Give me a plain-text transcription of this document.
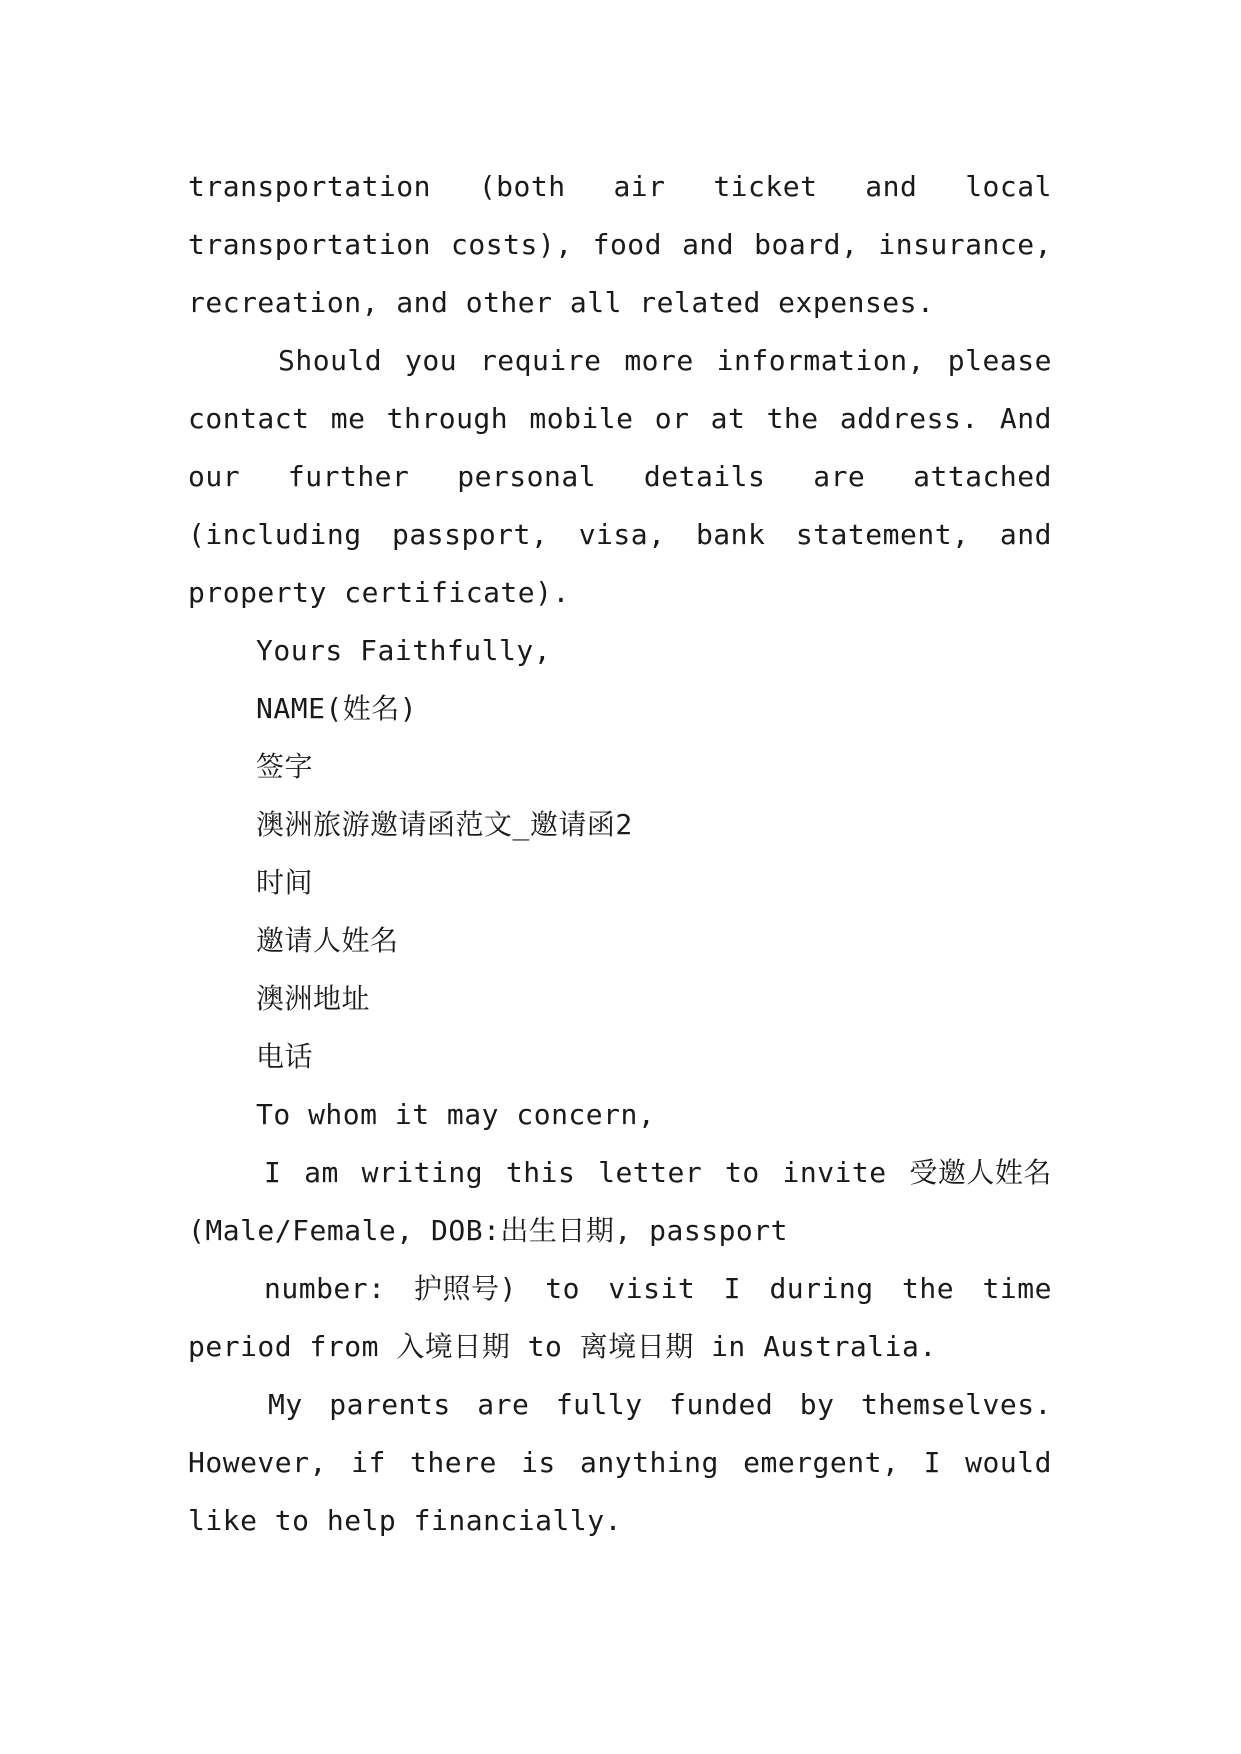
transportation (both air ticket and local
transportation costs), food and board, insurance,
recreation, and other all related expenses.
Should you require more information, please
contact me through mobile or at the address. And
our further personal details are attached
(including passport, visa, bank statement, and
property certificate).
Yours Faithfully,
NAME(姓名)
签字
澳洲旅游邀请函范文_邀请函2
时间
邀请人姓名
澳洲地址
电话
To whom it may concern,
I am writing this letter to invite 受邀人姓名
(Male/Female, DOB:出生日期, passport
number: 护照号) to visit I during the time
period from 入境日期 to 离境日期 in Australia.
My parents are fully funded by themselves.
However, if there is anything emergent, I would
like to help financially.
